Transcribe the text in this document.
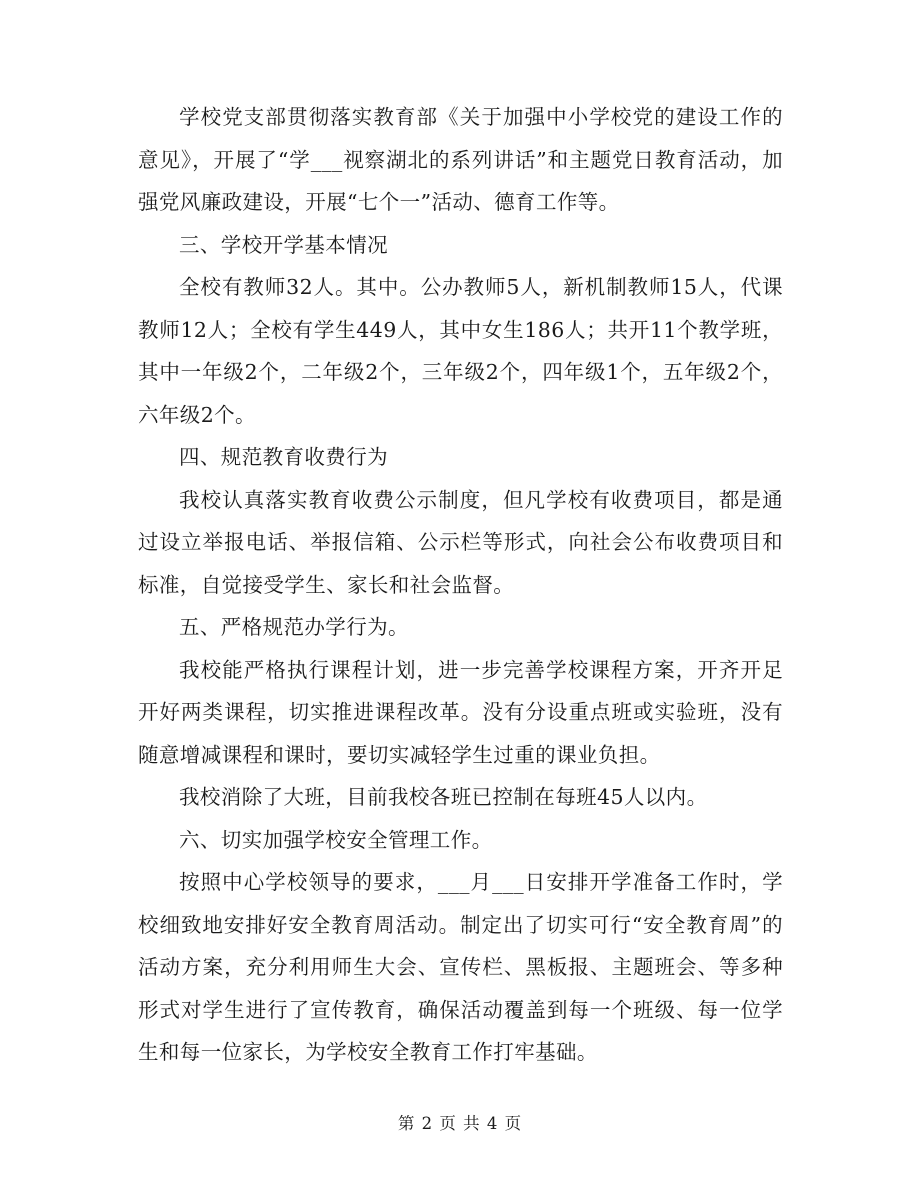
学校党支部贯彻落实教育部《关于加强中小学校党的建设工作的意见》，开展了“学___视察湖北的系列讲话”和主题党日教育活动，加强党风廉政建设，开展“七个一”活动、德育工作等。

三、学校开学基本情况

全校有教师32人。其中。公办教师5人，新机制教师15人，代课教师12人；全校有学生449人，其中女生186人；共开11个教学班，其中一年级2个，二年级2个，三年级2个，四年级1个，五年级2个，六年级2个。

四、规范教育收费行为

我校认真落实教育收费公示制度，但凡学校有收费项目，都是通过设立举报电话、举报信箱、公示栏等形式，向社会公布收费项目和标准，自觉接受学生、家长和社会监督。

五、严格规范办学行为。

我校能严格执行课程计划，进一步完善学校课程方案，开齐开足开好两类课程，切实推进课程改革。没有分设重点班或实验班，没有随意增减课程和课时，要切实减轻学生过重的课业负担。

我校消除了大班，目前我校各班已控制在每班45人以内。

六、切实加强学校安全管理工作。

按照中心学校领导的要求，___月___日安排开学准备工作时，学校细致地安排好安全教育周活动。制定出了切实可行“安全教育周”的活动方案，充分利用师生大会、宣传栏、黑板报、主题班会、等多种形式对学生进行了宣传教育，确保活动覆盖到每一个班级、每一位学生和每一位家长，为学校安全教育工作打牢基础。

第 2 页 共 4 页
